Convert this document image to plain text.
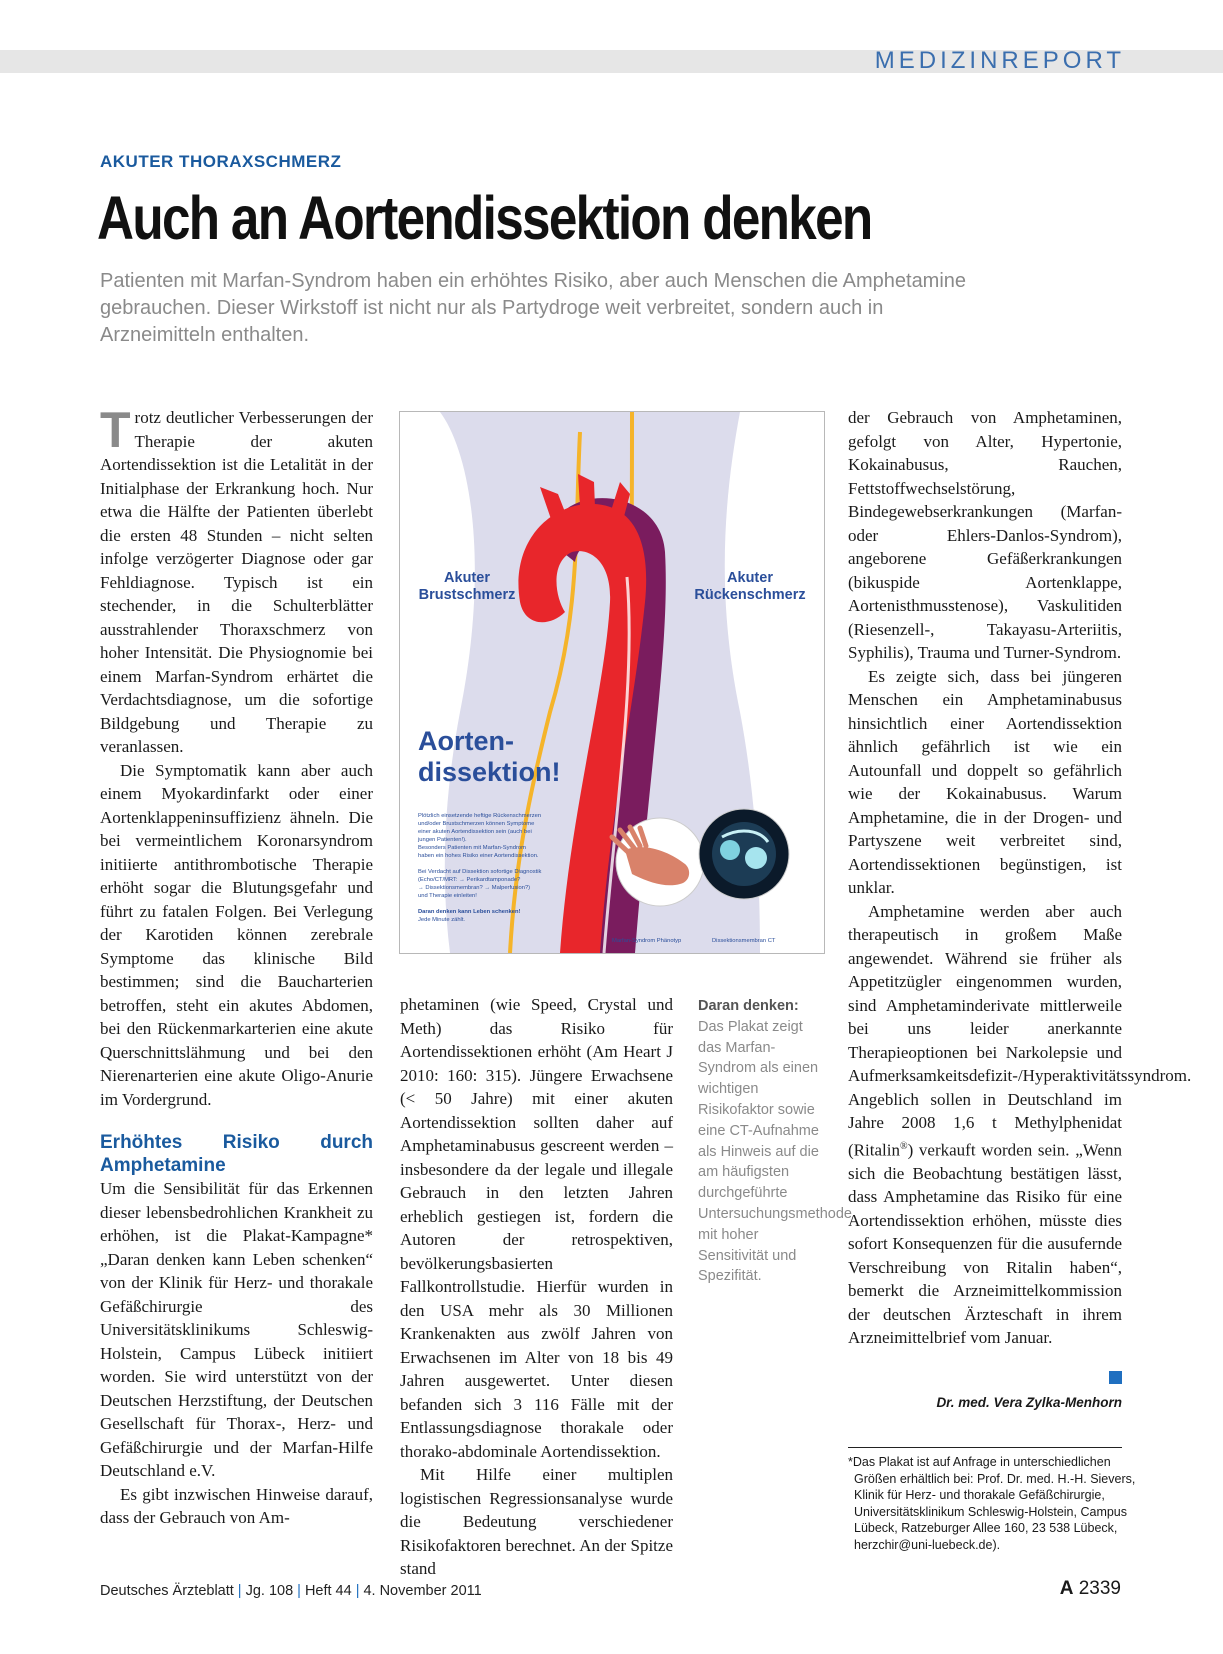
MEDIZINREPORT
AKUTER THORAXSCHMERZ
Auch an Aortendissektion denken
Patienten mit Marfan-Syndrom haben ein erhöhtes Risiko, aber auch Menschen die Amphetamine gebrauchen. Dieser Wirkstoff ist nicht nur als Partydroge weit verbreitet, sondern auch in Arzneimitteln enthalten.

Trotz deutlicher Verbesserungen der Therapie der akuten Aortendissektion ist die Letalität in der Initialphase der Erkrankung hoch. Nur etwa die Hälfte der Patienten überlebt die ersten 48 Stunden – nicht selten infolge verzögerter Diagnose oder gar Fehldiagnose. Typisch ist ein stechender, in die Schulterblätter ausstrahlender Thoraxschmerz von hoher Intensität. Die Physiognomie bei einem Marfan-Syndrom erhärtet die Verdachtsdiagnose, um die sofortige Bildgebung und Therapie zu veranlassen.

Die Symptomatik kann aber auch einem Myokardinfarkt oder einer Aortenklappeninsuffizienz ähneln. Die bei vermeintlichem Koronarsyndrom initiierte antithrombotische Therapie erhöht sogar die Blutungsgefahr und führt zu fatalen Folgen. Bei Verlegung der Karotiden können zerebrale Symptome das klinische Bild bestimmen; sind die Baucharterien betroffen, steht ein akutes Abdomen, bei den Rückenmarkarterien eine akute Querschnittslähmung und bei den Nierenarterien eine akute Oligo-Anurie im Vordergrund.

Erhöhtes Risiko durch Amphetamine

Um die Sensibilität für das Erkennen dieser lebensbedrohlichen Krankheit zu erhöhen, ist die Plakat-Kampagne* „Daran denken kann Leben schenken“ von der Klinik für Herz- und thorakale Gefäßchirurgie des Universitätsklinikums Schleswig-Holstein, Campus Lübeck initiiert worden. Sie wird unterstützt von der Deutschen Herzstiftung, der Deutschen Gesellschaft für Thorax-, Herz- und Gefäßchirurgie und der Marfan-Hilfe Deutschland e.V.

Es gibt inzwischen Hinweise darauf, dass der Gebrauch von Am-

Akuter
Brustschmerz
Akuter
Rückenschmerz
Aorten-
dissektion!
Plötzlich einsetzende heftige Rückenschmerzen
und/oder Brustschmerzen können Symptome
einer akuten Aortendissektion sein (auch bei
jungen Patienten!).
Besonders Patienten mit Marfan-Syndrom
haben ein hohes Risiko einer Aortendissektion.
Bei Verdacht auf Dissektion sofortige Diagnostik
(Echo/CT/MRT: → Perikardtamponade?
→ Dissektionsmembran? → Malperfusion?)
und Therapie einleiten!
Daran denken kann Leben schenken!
Jede Minute zählt.
Marfan-Syndrom Phänotyp	Dissektionsmembran CT

phetaminen (wie Speed, Crystal und Meth) das Risiko für Aortendissektionen erhöht (Am Heart J 2010: 160: 315). Jüngere Erwachsene (< 50 Jahre) mit einer akuten Aortendissektion sollten daher auf Amphetaminabusus gescreent werden – insbesondere da der legale und illegale Gebrauch in den letzten Jahren erheblich gestiegen ist, fordern die Autoren der retrospektiven, bevölkerungsbasierten Fallkontrollstudie. Hierfür wurden in den USA mehr als 30 Millionen Krankenakten aus zwölf Jahren von Erwachsenen im Alter von 18 bis 49 Jahren ausgewertet. Unter diesen befanden sich 3 116 Fälle mit der Entlassungsdiagnose thorakale oder thorako-abdominale Aortendissektion.

Mit Hilfe einer multiplen logistischen Regressionsanalyse wurde die Bedeutung verschiedener Risikofaktoren berechnet. An der Spitze stand

Daran denken:
Das Plakat zeigt das Marfan-Syndrom als einen wichtigen Risikofaktor sowie eine CT-Aufnahme als Hinweis auf die am häufigsten durchgeführte Untersuchungsmethode mit hoher Sensitivität und Spezifität.

der Gebrauch von Amphetaminen, gefolgt von Alter, Hypertonie, Kokainabusus, Rauchen, Fettstoffwechselstörung, Bindegewebserkrankungen (Marfan- oder Ehlers-Danlos-Syndrom), angeborene Gefäßerkrankungen (bikuspide Aortenklappe, Aortenisthmusstenose), Vaskulitiden (Riesenzell-, Takayasu-Arteriitis, Syphilis), Trauma und Turner-Syndrom.

Es zeigte sich, dass bei jüngeren Menschen ein Amphetaminabusus hinsichtlich einer Aortendissektion ähnlich gefährlich ist wie ein Autounfall und doppelt so gefährlich wie der Kokainabusus. Warum Amphetamine, die in der Drogen- und Partyszene weit verbreitet sind, Aortendissektionen begünstigen, ist unklar.

Amphetamine werden aber auch therapeutisch in großem Maße angewendet. Während sie früher als Appetitzügler eingenommen wurden, sind Amphetaminderivate mittlerweile bei uns leider anerkannte Therapieoptionen bei Narkolepsie und Aufmerksamkeitsdefizit-/Hyperaktivitätssyndrom. Angeblich sollen in Deutschland im Jahre 2008 1,6 t Methylphenidat (Ritalin®) verkauft worden sein. „Wenn sich die Beobachtung bestätigen lässt, dass Amphetamine das Risiko für eine Aortendissektion erhöhen, müsste dies sofort Konsequenzen für die ausufernde Verschreibung von Ritalin haben“, bemerkt die Arzneimittelkommission der deutschen Ärzteschaft in ihrem Arzneimittelbrief vom Januar.

Dr. med. Vera Zylka-Menhorn
*Das Plakat ist auf Anfrage in unterschiedlichen
Größen erhältlich bei: Prof. Dr. med. H.-H. Sievers,
Klinik für Herz- und thorakale Gefäßchirurgie,
Universitätsklinikum Schleswig-Holstein, Campus
Lübeck, Ratzeburger Allee 160, 23 538 Lübeck,
herzchir@uni-luebeck.de).
Deutsches Ärzteblatt | Jg. 108 | Heft 44 | 4. November 2011	A 2339
